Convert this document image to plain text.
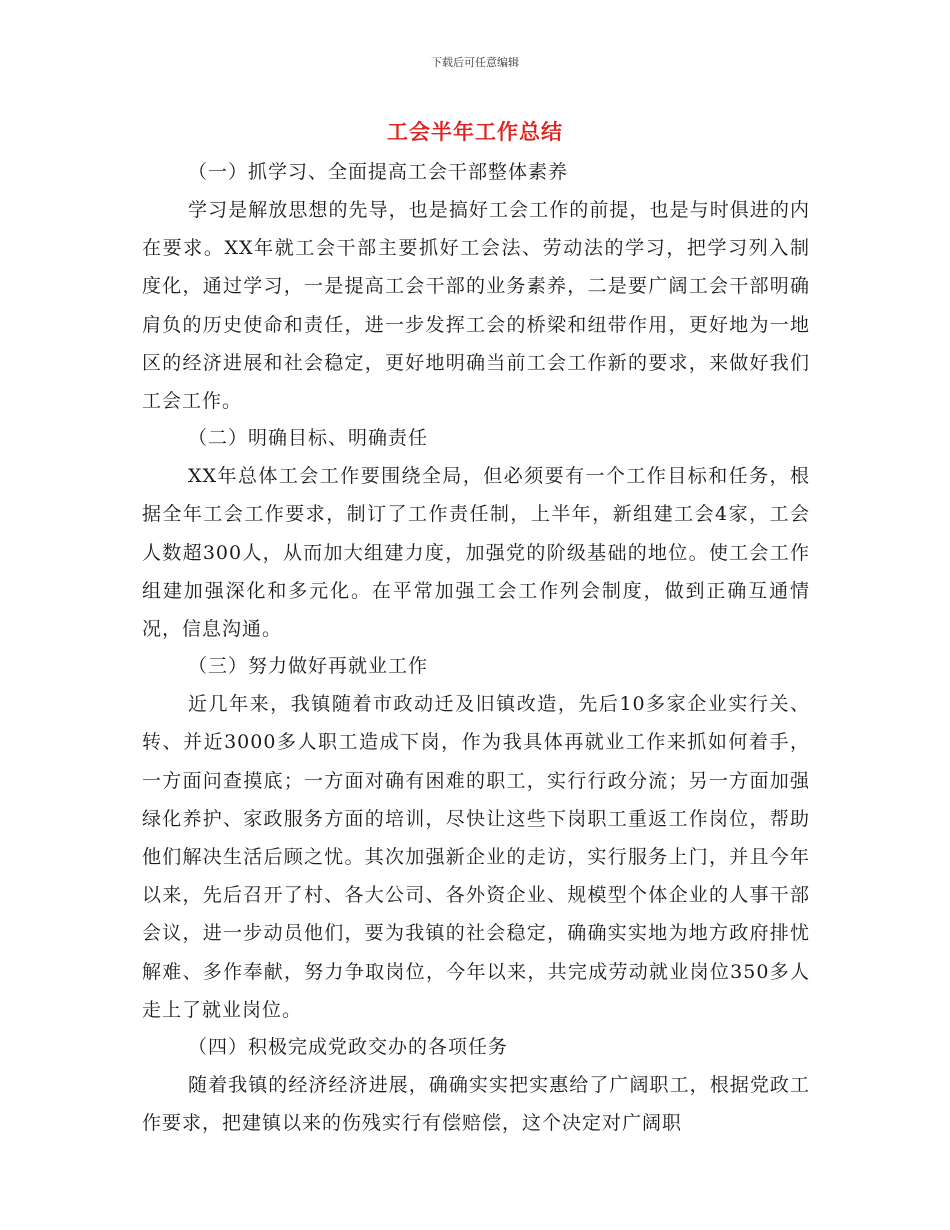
下载后可任意编辑
工会半年工作总结

（一）抓学习、全面提高工会干部整体素养

学习是解放思想的先导，也是搞好工会工作的前提，也是与时俱进的内在要求。XX年就工会干部主要抓好工会法、劳动法的学习，把学习列入制度化，通过学习，一是提高工会干部的业务素养，二是要广阔工会干部明确肩负的历史使命和责任，进一步发挥工会的桥梁和纽带作用，更好地为一地区的经济进展和社会稳定，更好地明确当前工会工作新的要求，来做好我们工会工作。

（二）明确目标、明确责任

XX年总体工会工作要围绕全局，但必须要有一个工作目标和任务，根据全年工会工作要求，制订了工作责任制，上半年，新组建工会4家，工会人数超300人，从而加大组建力度，加强党的阶级基础的地位。使工会工作组建加强深化和多元化。在平常加强工会工作列会制度，做到正确互通情况，信息沟通。

（三）努力做好再就业工作

近几年来，我镇随着市政动迁及旧镇改造，先后10多家企业实行关、转、并近3000多人职工造成下岗，作为我具体再就业工作来抓如何着手，一方面问查摸底；一方面对确有困难的职工，实行行政分流；另一方面加强绿化养护、家政服务方面的培训，尽快让这些下岗职工重返工作岗位，帮助他们解决生活后顾之忧。其次加强新企业的走访，实行服务上门，并且今年以来，先后召开了村、各大公司、各外资企业、规模型个体企业的人事干部会议，进一步动员他们，要为我镇的社会稳定，确确实实地为地方政府排忧解难、多作奉献，努力争取岗位，今年以来，共完成劳动就业岗位350多人走上了就业岗位。

（四）积极完成党政交办的各项任务

随着我镇的经济经济进展，确确实实把实惠给了广阔职工，根据党政工作要求，把建镇以来的伤残实行有偿赔偿，这个决定对广阔职
